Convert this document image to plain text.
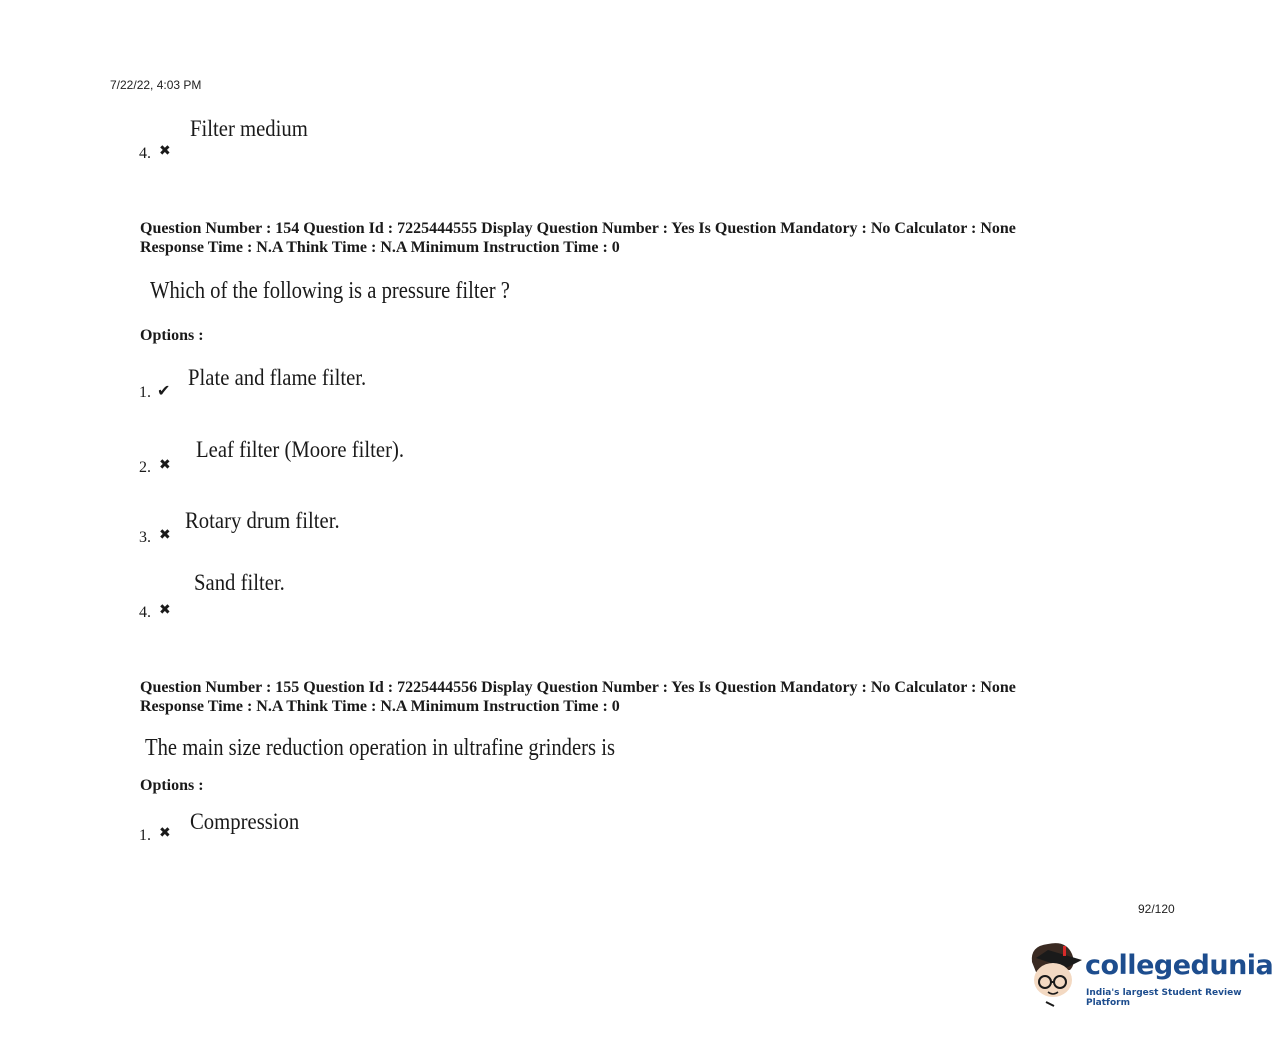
7/22/22, 4:03 PM
Filter medium
4. ✖
Question Number : 154 Question Id : 7225444555 Display Question Number : Yes Is Question Mandatory : No Calculator : None
Response Time : N.A Think Time : N.A Minimum Instruction Time : 0
Which of the following is a pressure filter ?
Options :
Plate and flame filter.
1. ✔
Leaf filter (Moore filter).
2. ✖
Rotary drum filter.
3. ✖
Sand filter.
4. ✖
Question Number : 155 Question Id : 7225444556 Display Question Number : Yes Is Question Mandatory : No Calculator : None
Response Time : N.A Think Time : N.A Minimum Instruction Time : 0
The main size reduction operation in ultrafine grinders is
Options :
Compression
1. ✖
92/120
collegedunia
India's largest Student Review Platform
